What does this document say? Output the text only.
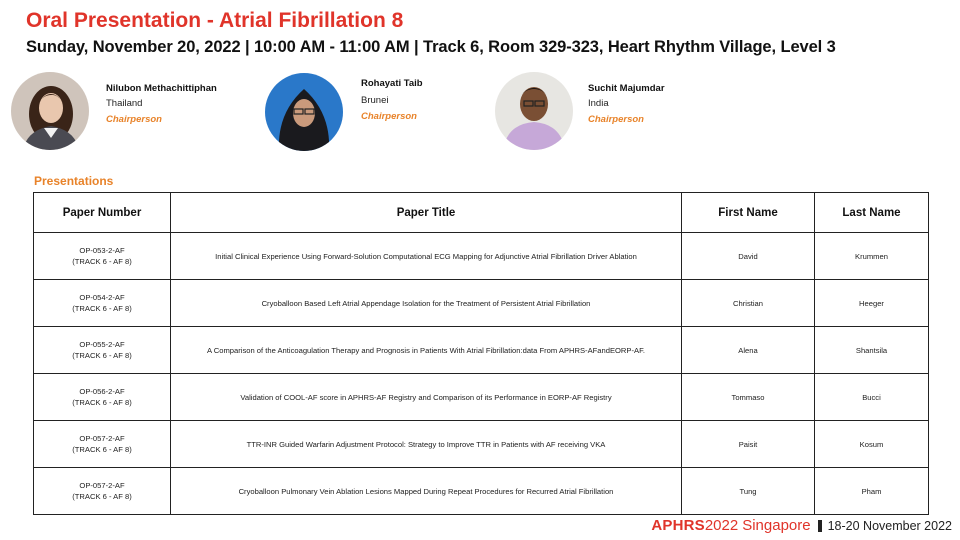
Oral Presentation - Atrial Fibrillation 8
Sunday, November 20, 2022 | 10:00 AM - 11:00 AM | Track 6, Room 329-323, Heart Rhythm Village, Level 3
Nilubon Methachittiphan
Thailand
Chairperson
Rohayati Taib
Brunei
Chairperson
Suchit Majumdar
India
Chairperson
Presentations
Paper Number	Paper Title	First Name	Last Name

OP-053-2-AF
(TRACK 6 - AF 8)	Initial Clinical Experience Using Forward-Solution Computational ECG Mapping for Adjunctive Atrial Fibrillation Driver Ablation	David	Krummen

OP-054-2-AF
(TRACK 6 - AF 8)	Cryoballoon Based Left Atrial Appendage Isolation for the Treatment of Persistent Atrial Fibrillation	Christian	Heeger

OP-055-2-AF
(TRACK 6 - AF 8)	A Comparison of the Anticoagulation Therapy and Prognosis in Patients With Atrial Fibrillation:data From APHRS-AFandEORP-AF.	Alena	Shantsila

OP-056-2-AF
(TRACK 6 - AF 8)	Validation of COOL-AF score in APHRS-AF Registry and Comparison of its Performance in EORP-AF Registry	Tommaso	Bucci

OP-057-2-AF
(TRACK 6 - AF 8)	TTR-INR Guided Warfarin Adjustment Protocol: Strategy to Improve TTR in Patients with AF receiving VKA	Paisit	Kosum

OP-057-2-AF
(TRACK 6 - AF 8)	Cryoballoon Pulmonary Vein Ablation Lesions Mapped During Repeat Procedures for Recurred Atrial Fibrillation	Tung	Pham
APHRS 2022 Singapore 18-20 November 2022
